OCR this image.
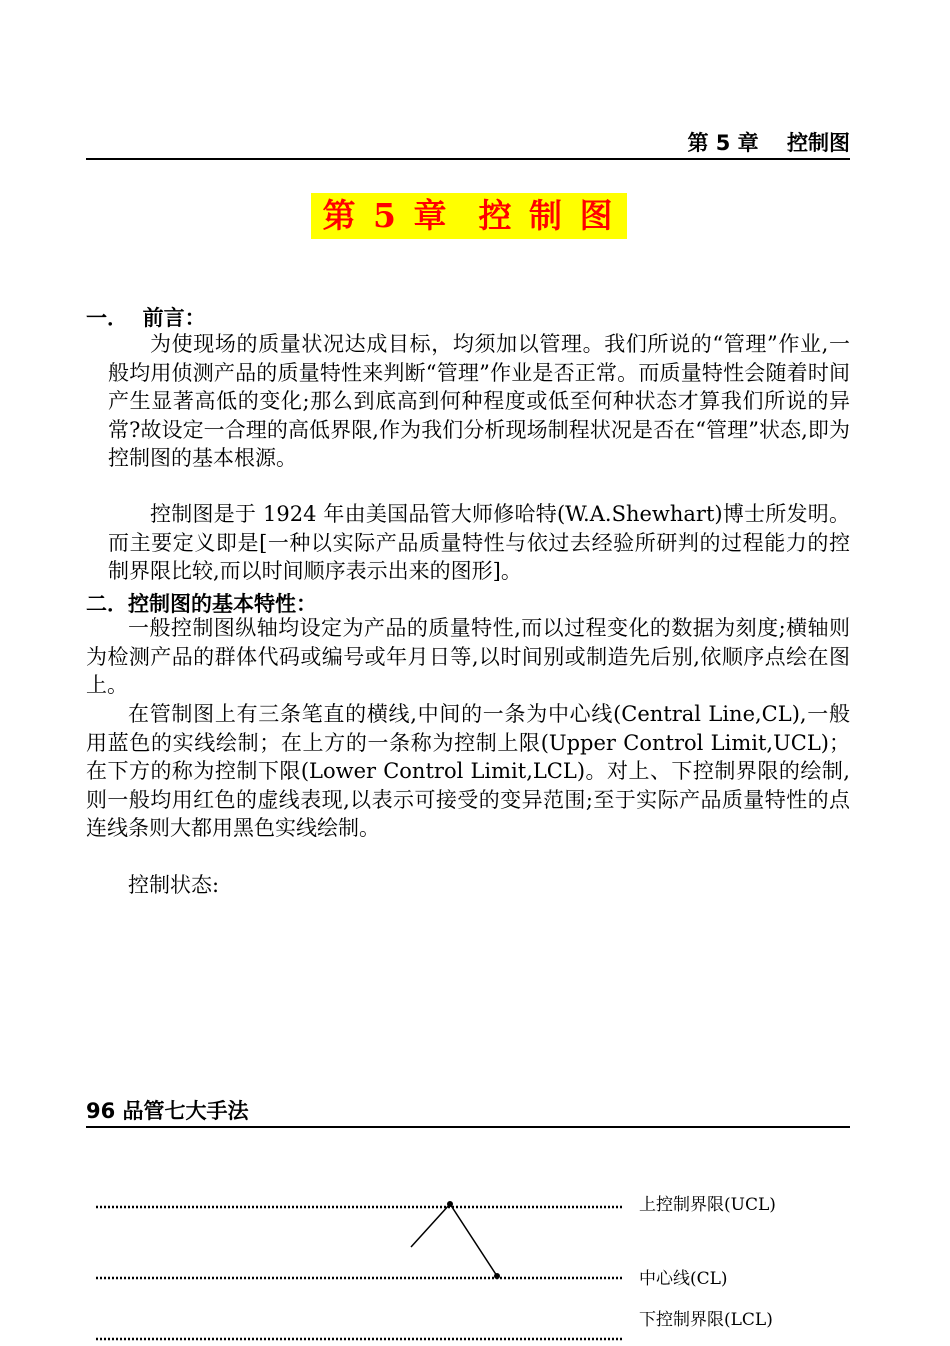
第 5 章　 控制图
第 5 章  控 制 图
一．  前言：

为使现场的质量状况达成目标，均须加以管理。我们所说的“管理”作业,一般均用侦测产品的质量特性来判断“管理”作业是否正常。而质量特性会随着时间产生显著高低的变化;那么到底高到何种程度或低至何种状态才算我们所说的异常?故设定一合理的高低界限,作为我们分析现场制程状况是否在“管理”状态,即为控制图的基本根源。

控制图是于 1924 年由美国品管大师修哈特(W.A.Shewhart)博士所发明。而主要定义即是[一种以实际产品质量特性与依过去经验所研判的过程能力的控制界限比较,而以时间顺序表示出来的图形]。

二．控制图的基本特性：

一般控制图纵轴均设定为产品的质量特性,而以过程变化的数据为刻度;横轴则为检测产品的群体代码或编号或年月日等,以时间别或制造先后别,依顺序点绘在图上。

在管制图上有三条笔直的横线,中间的一条为中心线(Central Line,CL),一般用蓝色的实线绘制；在上方的一条称为控制上限(Upper Control Limit,UCL)；在下方的称为控制下限(Lower Control Limit,LCL)。对上、下控制界限的绘制,则一般均用红色的虚线表现,以表示可接受的变异范围;至于实际产品质量特性的点连线条则大都用黑色实线绘制。

控制状态:

96 品管七大手法
上控制界限(UCL)
中心线(CL)
下控制界限(LCL)
